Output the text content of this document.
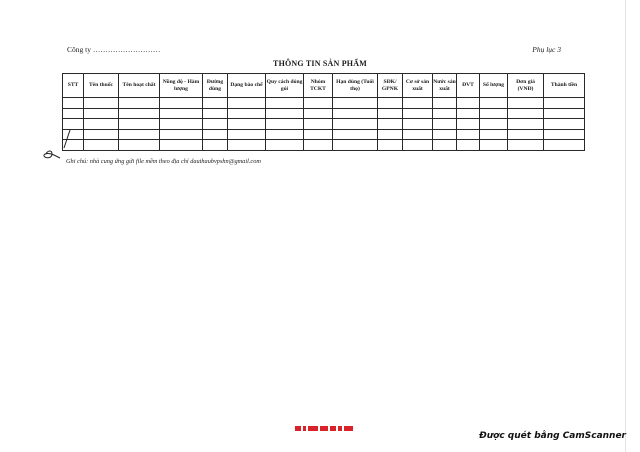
Công ty ………………………	Phụ lục 3
THÔNG TIN SẢN PHẨM
STT	Tên thuốc	Tên hoạt chất	Nồng độ - Hàm lượng	Đường dùng	Dạng bào chế	Quy cách đóng gói	Nhóm TCKT	Hạn dùng (Tuổi thọ)	SĐK/ GPNK	Cơ sở sản xuất	Nước sản xuất	ĐVT	Số lượng	Đơn giá (VNĐ)	Thành tiền

Ghi chú: nhà cung ứng gửi file mềm theo địa chỉ dauthaubvpshn@gmail.com
Được quét bằng CamScanner
